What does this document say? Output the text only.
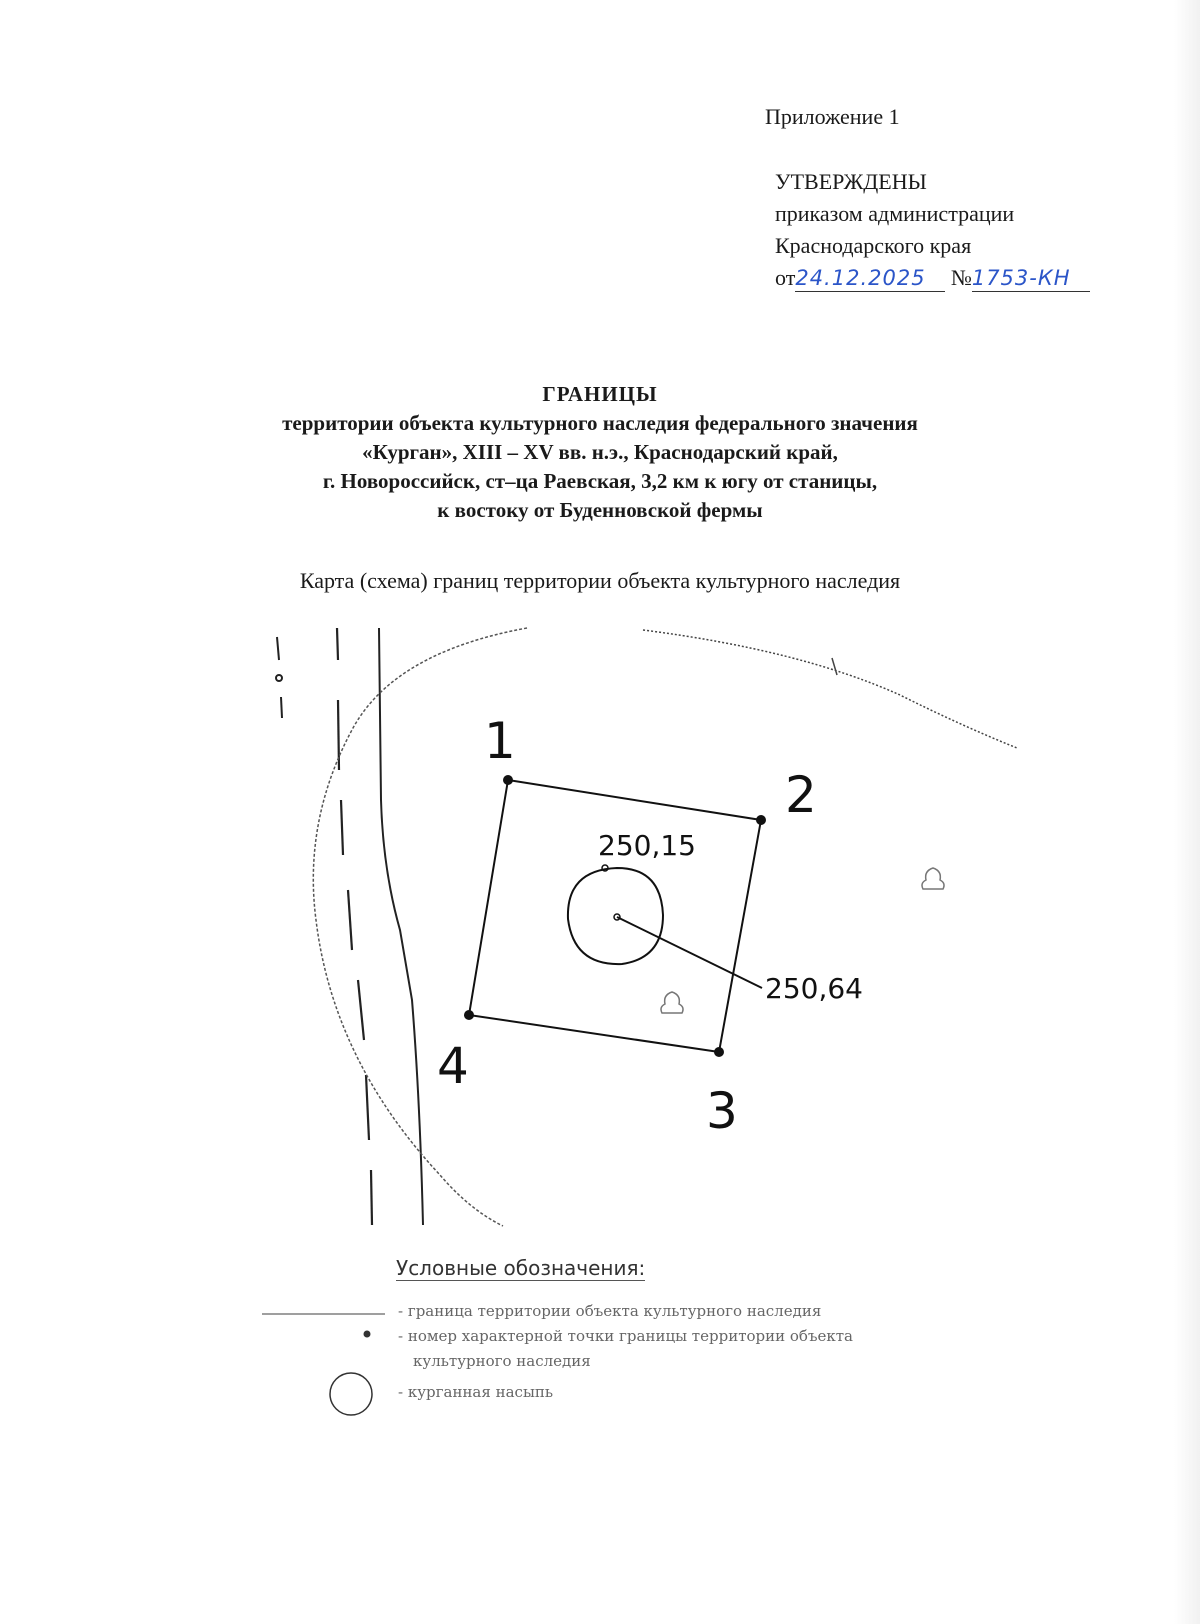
Приложение 1
УТВЕРЖДЕНЫ
приказом администрации
Краснодарского края
от24.12.2025 №1753-КН
ГРАНИЦЫ
территории объекта культурного наследия федерального значения
«Курган», XIII – XV вв. н.э., Краснодарский край,
г. Новороссийск, ст–ца Раевская, 3,2 км к югу от станицы,
к востоку от Буденновской фермы
Карта (схема) границ территории объекта культурного наследия
1
2
3
4
250,15
250,64
Условные обозначения:
- граница территории объекта культурного наследия
- номер характерной точки границы территории объекта
культурного наследия
- курганная насыпь
